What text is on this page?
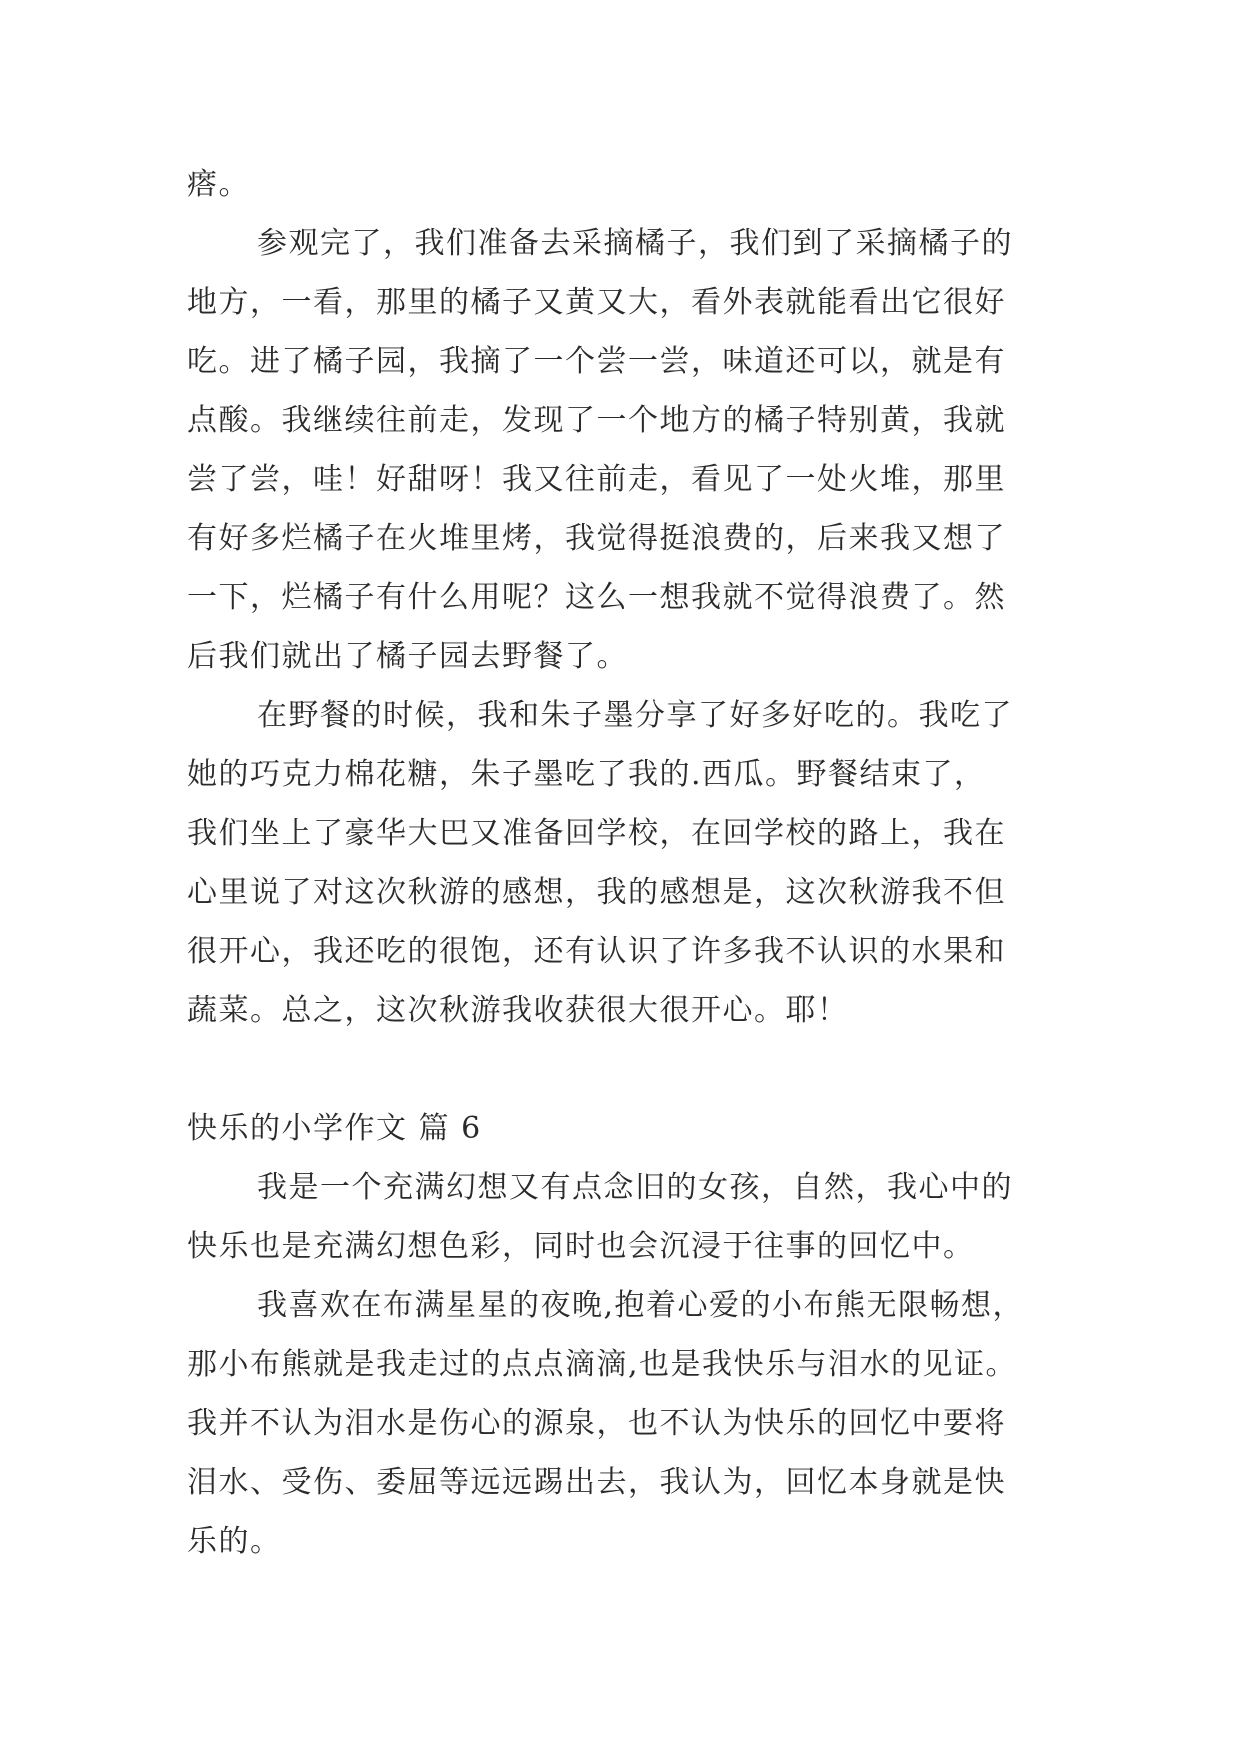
瘩。
参观完了，我们准备去采摘橘子，我们到了采摘橘子的
地方，一看，那里的橘子又黄又大，看外表就能看出它很好
吃。进了橘子园，我摘了一个尝一尝，味道还可以，就是有
点酸。我继续往前走，发现了一个地方的橘子特别黄，我就
尝了尝，哇！好甜呀！我又往前走，看见了一处火堆，那里
有好多烂橘子在火堆里烤，我觉得挺浪费的，后来我又想了
一下，烂橘子有什么用呢？这么一想我就不觉得浪费了。然
后我们就出了橘子园去野餐了。
在野餐的时候，我和朱子墨分享了好多好吃的。我吃了
她的巧克力棉花糖，朱子墨吃了我的.西瓜。野餐结束了，
我们坐上了豪华大巴又准备回学校，在回学校的路上，我在
心里说了对这次秋游的感想，我的感想是，这次秋游我不但
很开心，我还吃的很饱，还有认识了许多我不认识的水果和
蔬菜。总之，这次秋游我收获很大很开心。耶！
快乐的小学作文 篇 6
我是一个充满幻想又有点念旧的女孩，自然，我心中的
快乐也是充满幻想色彩，同时也会沉浸于往事的回忆中。
我喜欢在布满星星的夜晚,抱着心爱的小布熊无限畅想，
那小布熊就是我走过的点点滴滴,也是我快乐与泪水的见证。
我并不认为泪水是伤心的源泉，也不认为快乐的回忆中要将
泪水、受伤、委屈等远远踢出去，我认为，回忆本身就是快
乐的。
